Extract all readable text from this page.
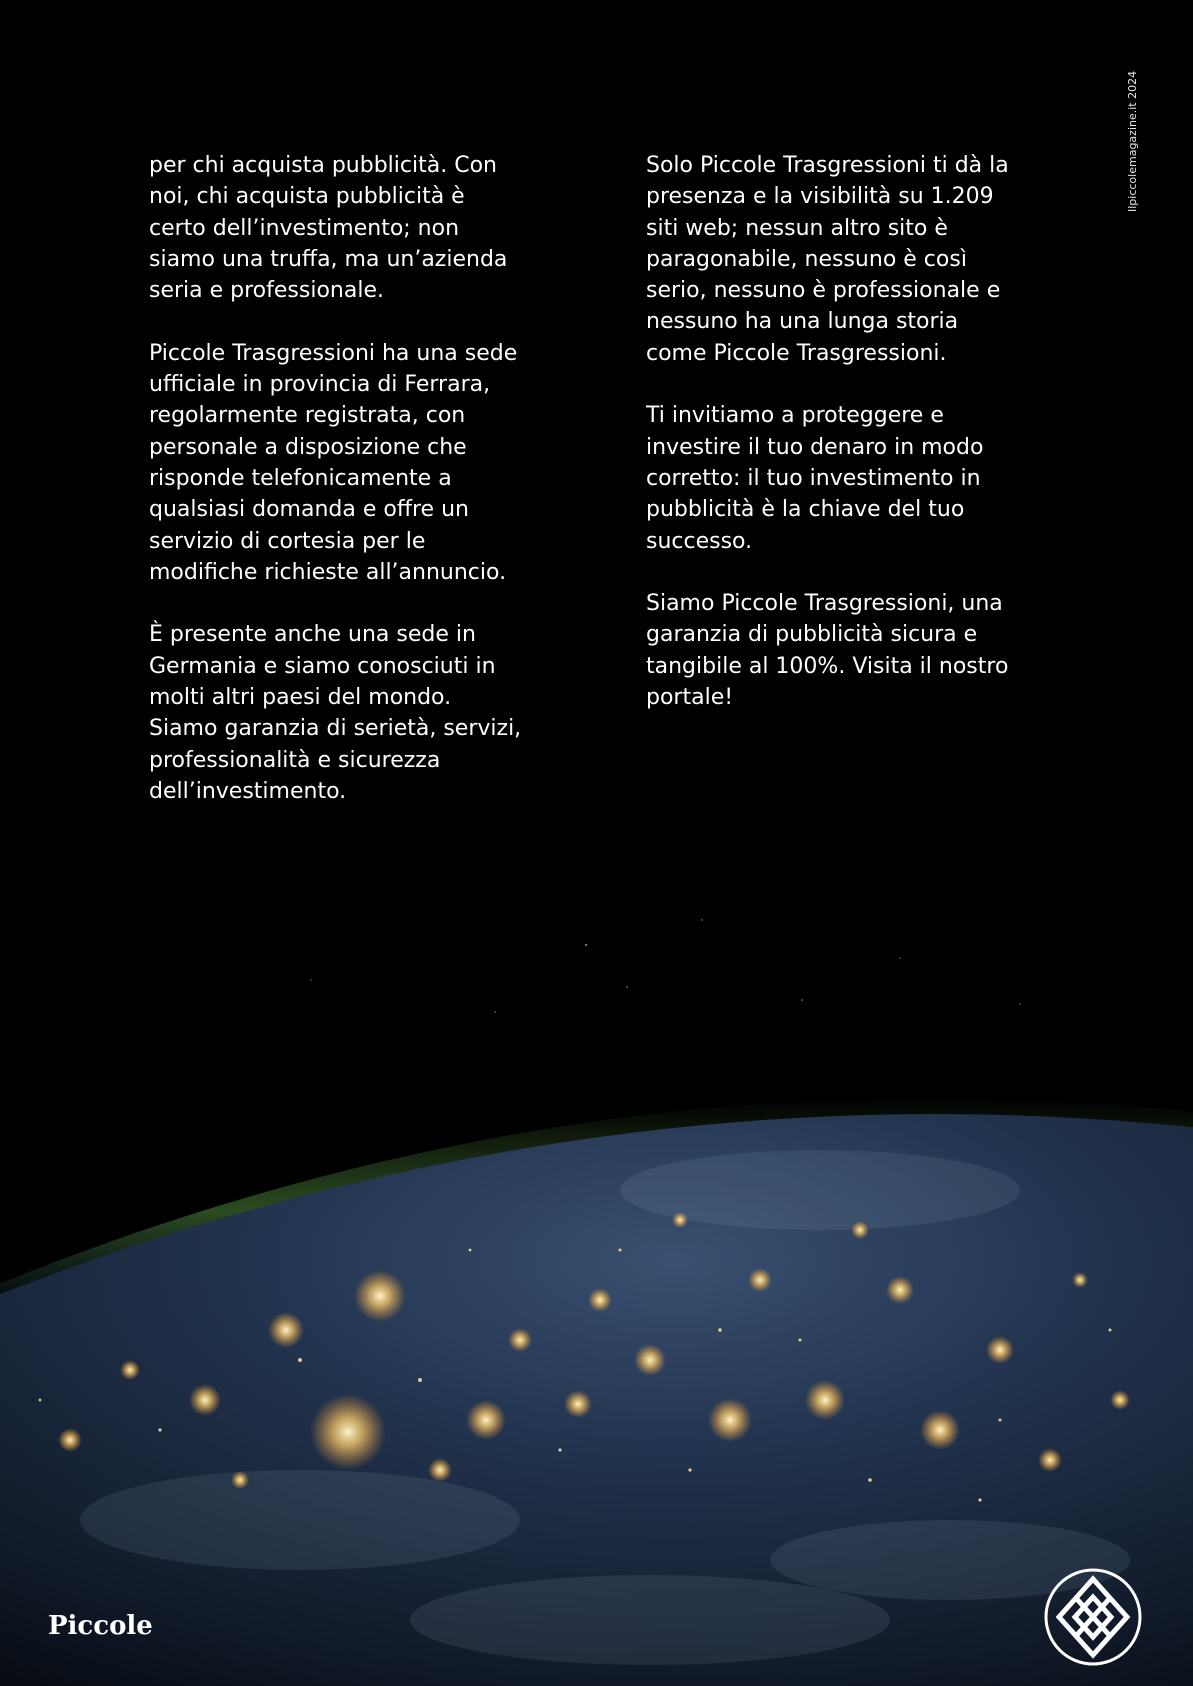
Ilpiccolemagazine.it 2024

per chi acquista pubblicità. Con
noi, chi acquista pubblicità è
certo dell’investimento; non
siamo una truffa, ma un’azienda
seria e professionale.

Piccole Trasgressioni ha una sede
ufficiale in provincia di Ferrara,
regolarmente registrata, con
personale a disposizione che
risponde telefonicamente a
qualsiasi domanda e offre un
servizio di cortesia per le
modifiche richieste all’annuncio.

È presente anche una sede in
Germania e siamo conosciuti in
molti altri paesi del mondo.
Siamo garanzia di serietà, servizi,
professionalità e sicurezza
dell’investimento.

Solo Piccole Trasgressioni ti dà la
presenza e la visibilità su 1.209
siti web; nessun altro sito è
paragonabile, nessuno è così
serio, nessuno è professionale e
nessuno ha una lunga storia
come Piccole Trasgressioni.

Ti invitiamo a proteggere e
investire il tuo denaro in modo
corretto: il tuo investimento in
pubblicità è la chiave del tuo
successo.

Siamo Piccole Trasgressioni, una
garanzia di pubblicità sicura e
tangibile al 100%. Visita il nostro
portale!

Piccole
